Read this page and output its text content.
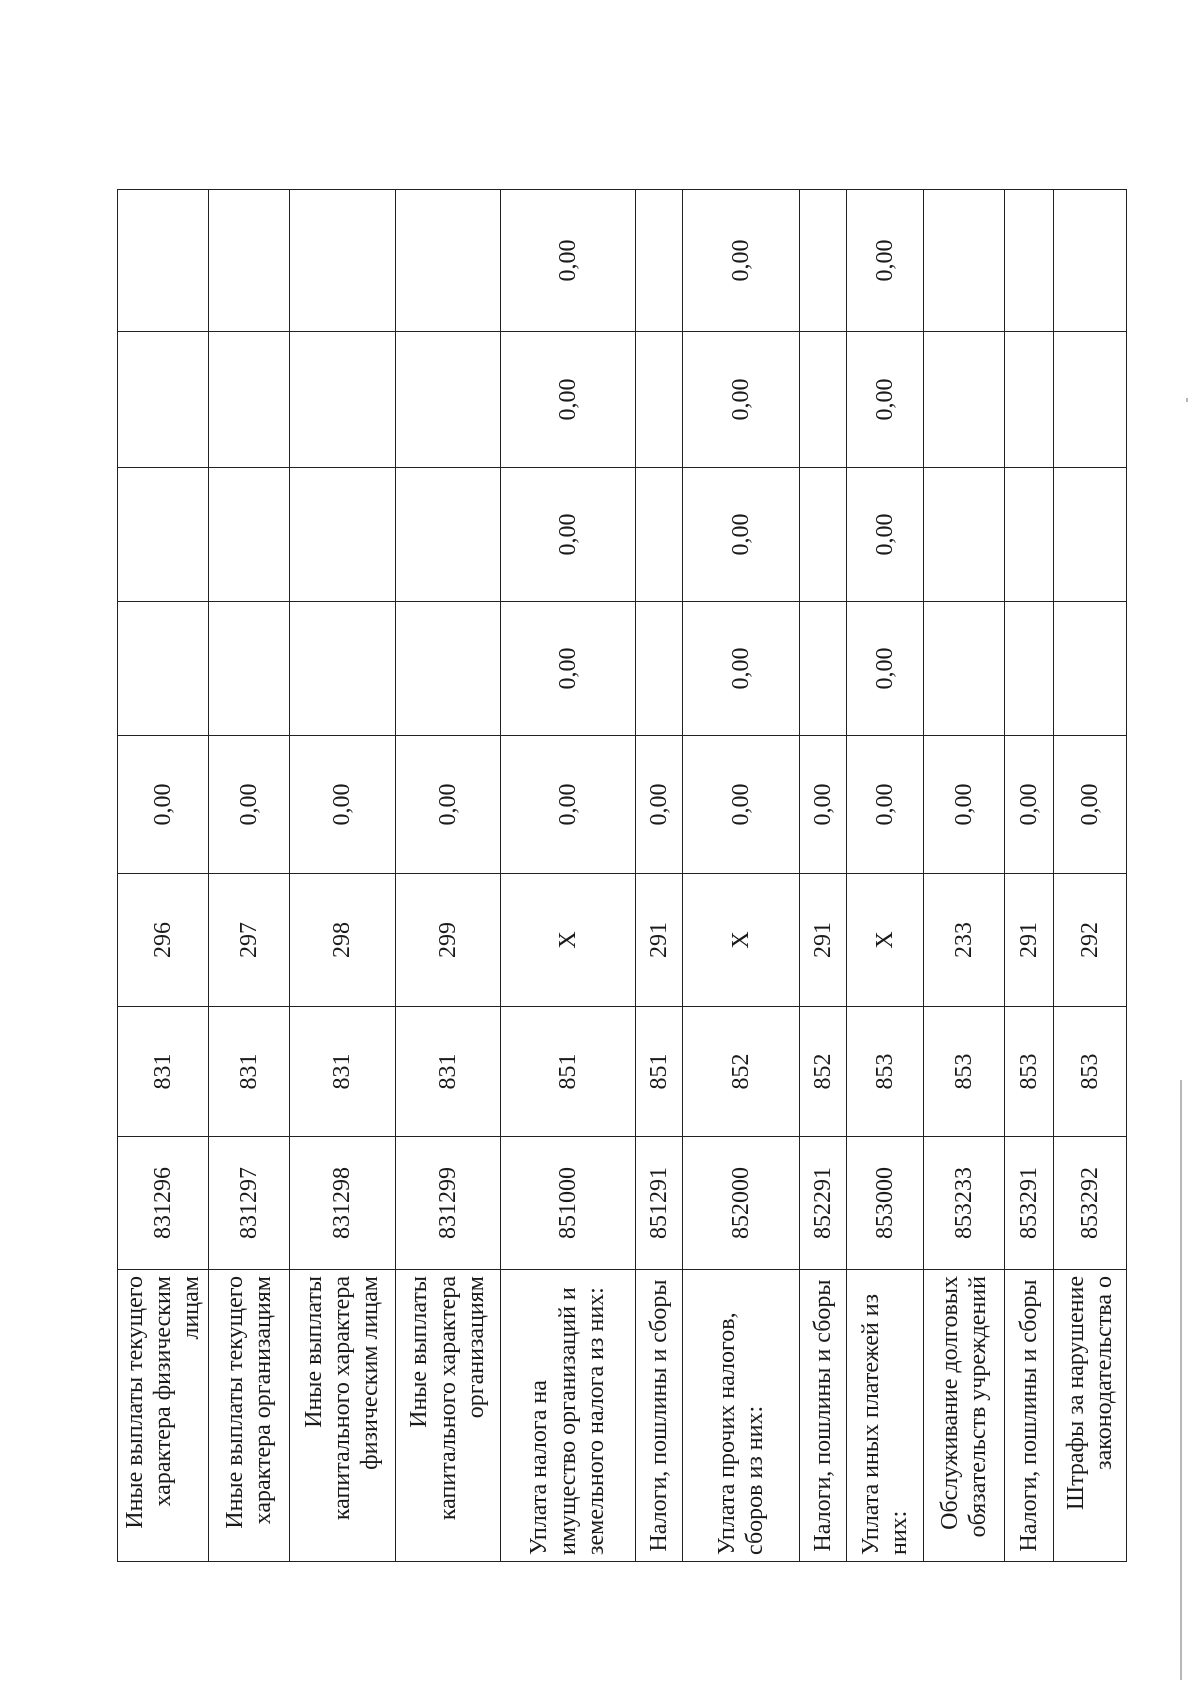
Иные выплаты текущего характера физическим лицам	831296	831	296	0,00				
Иные выплаты текущего характера организациям	831297	831	297	0,00				
Иные выплаты капитального характера физическим лицам	831298	831	298	0,00				
Иные выплаты капитального характера организациям	831299	831	299	0,00				
Уплата налога на имущество организаций и земельного налога из них:	851000	851	X	0,00	0,00	0,00	0,00	0,00
Налоги, пошлины и сборы	851291	851	291	0,00				
Уплата прочих налогов, сборов из них:	852000	852	X	0,00	0,00	0,00	0,00	0,00
Налоги, пошлины и сборы	852291	852	291	0,00				
Уплата иных платежей из них:	853000	853	X	0,00	0,00	0,00	0,00	0,00
Обслуживание долговых обязательств учреждений	853233	853	233	0,00				
Налоги, пошлины и сборы	853291	853	291	0,00				
Штрафы за нарушение законодательства о	853292	853	292	0,00				
